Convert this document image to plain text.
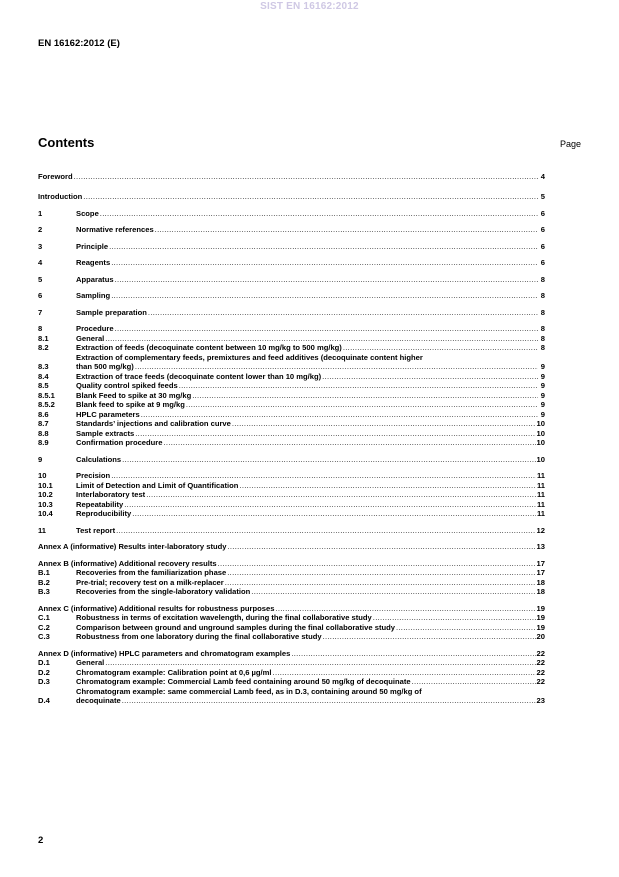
SIST EN 16162:2012
EN 16162:2012 (E)
Contents	Page
Foreword .....	4
Introduction .....	5
1	Scope .....	6
2	Normative references .....	6
3	Principle .....	6
4	Reagents .....	6
5	Apparatus .....	8
6	Sampling .....	8
7	Sample preparation .....	8
8	Procedure .....	8
8.1	General .....	8
8.2	Extraction of feeds (decoquinate content between 10 mg/kg to 500 mg/kg) .....	8
8.3
Extraction of complementary feeds, premixtures and feed additives (decoquinate content higher
than 500 mg/kg) .....	9
8.4	Extraction of trace feeds (decoquinate content lower than 10 mg/kg) .....	9
8.5	Quality control spiked feeds .....	9
8.5.1	Blank Feed to spike at 30 mg/kg .....	9
8.5.2	Blank feed to spike at 9 mg/kg .....	9
8.6	HPLC parameters .....	9
8.7	Standards’ injections and calibration curve .....	10
8.8	Sample extracts .....	10
8.9	Confirmation procedure .....	10
9	Calculations .....	10
10	Precision .....	11
10.1	Limit of Detection and Limit of Quantification .....	11
10.2	Interlaboratory test .....	11
10.3	Repeatability .....	11
10.4	Reproducibility .....	11
11	Test report .....	12
Annex A (informative) Results inter-laboratory study .....	13
Annex B (informative) Additional recovery results .....	17
B.1	Recoveries from the familiarization phase .....	17
B.2	Pre-trial; recovery test on a milk-replacer .....	18
B.3	Recoveries from the single-laboratory validation .....	18
Annex C (informative) Additional results for robustness purposes .....	19
C.1	Robustness in terms of excitation wavelength, during the final collaborative study .....	19
C.2	Comparison between ground and unground samples during the final collaborative study .....	19
C.3	Robustness from one laboratory during the final collaborative study .....	20
Annex D (informative) HPLC parameters and chromatogram examples .....	22
D.1	General .....	22
D.2	Chromatogram example: Calibration point at 0,6 µg/ml .....	22
D.3	Chromatogram example: Commercial Lamb feed containing around 50 mg/kg of decoquinate .....	22
D.4
Chromatogram example: same commercial Lamb feed, as in D.3, containing around 50 mg/kg of
decoquinate .....	23
2
